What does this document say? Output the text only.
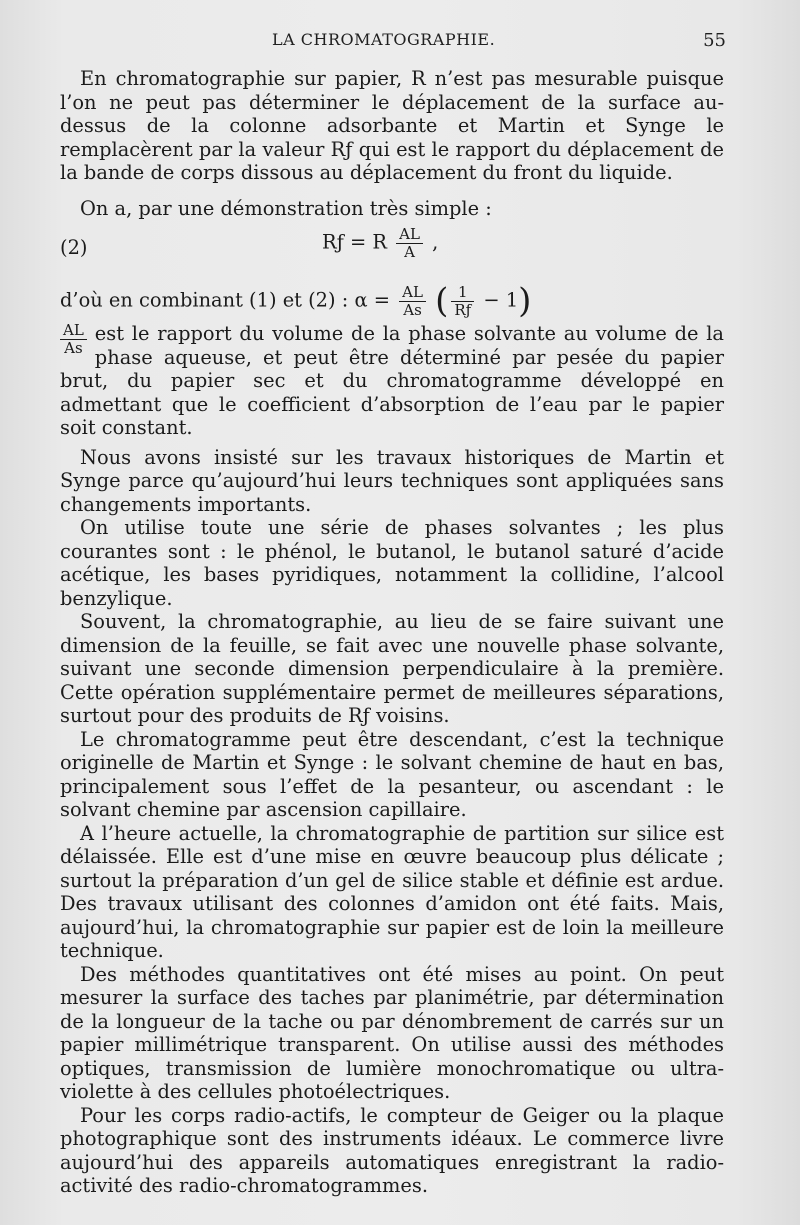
LA CHROMATOGRAPHIE.	55

En chromatographie sur papier, R n’est pas mesurable puisque l’on ne peut pas déterminer le déplacement de la surface au-dessus de la colonne adsorbante et Martin et Synge le remplacèrent par la valeur Rƒ qui est le rapport du déplacement de la bande de corps dissous au déplacement du front du liquide.

On a, par une démonstration très simple :

(2)	Rƒ = R $\frac{AL}{A}$ ,
d’où en combinant (1) et (2) : $\alpha = \frac{AL}{As}$ ( $\frac{1}{Rƒ} - 1$)
$\frac{AL}{As}$ est le rapport du volume de la phase solvante au volume de la phase aqueuse, et peut être déterminé par pesée du papier brut, du papier sec et du chromatogramme développé en admettant que le coefficient d’absorption de l’eau par le papier soit constant.

Nous avons insisté sur les travaux historiques de Martin et Synge parce qu’aujourd’hui leurs techniques sont appliquées sans changements importants.

On utilise toute une série de phases solvantes ; les plus courantes sont : le phénol, le butanol, le butanol saturé d’acide acétique, les bases pyridiques, notamment la collidine, l’alcool benzylique.

Souvent, la chromatographie, au lieu de se faire suivant une dimension de la feuille, se fait avec une nouvelle phase solvante, suivant une seconde dimension perpendiculaire à la première. Cette opération supplémentaire permet de meilleures séparations, surtout pour des produits de Rƒ voisins.

Le chromatogramme peut être descendant, c’est la technique originelle de Martin et Synge : le solvant chemine de haut en bas, principalement sous l’effet de la pesanteur, ou ascendant : le solvant chemine par ascension capillaire.

A l’heure actuelle, la chromatographie de partition sur silice est délaissée. Elle est d’une mise en œuvre beaucoup plus délicate ; surtout la préparation d’un gel de silice stable et définie est ardue. Des travaux utilisant des colonnes d’amidon ont été faits. Mais, aujourd’hui, la chromatographie sur papier est de loin la meilleure technique.

Des méthodes quantitatives ont été mises au point. On peut mesurer la surface des taches par planimétrie, par détermination de la longueur de la tache ou par dénombrement de carrés sur un papier millimétrique transparent. On utilise aussi des méthodes optiques, transmission de lumière monochromatique ou ultra-violette à des cellules photoélectriques.

Pour les corps radio-actifs, le compteur de Geiger ou la plaque photographique sont des instruments idéaux. Le commerce livre aujourd’hui des appareils automatiques enregistrant la radio-activité des radio-chromatogrammes.
